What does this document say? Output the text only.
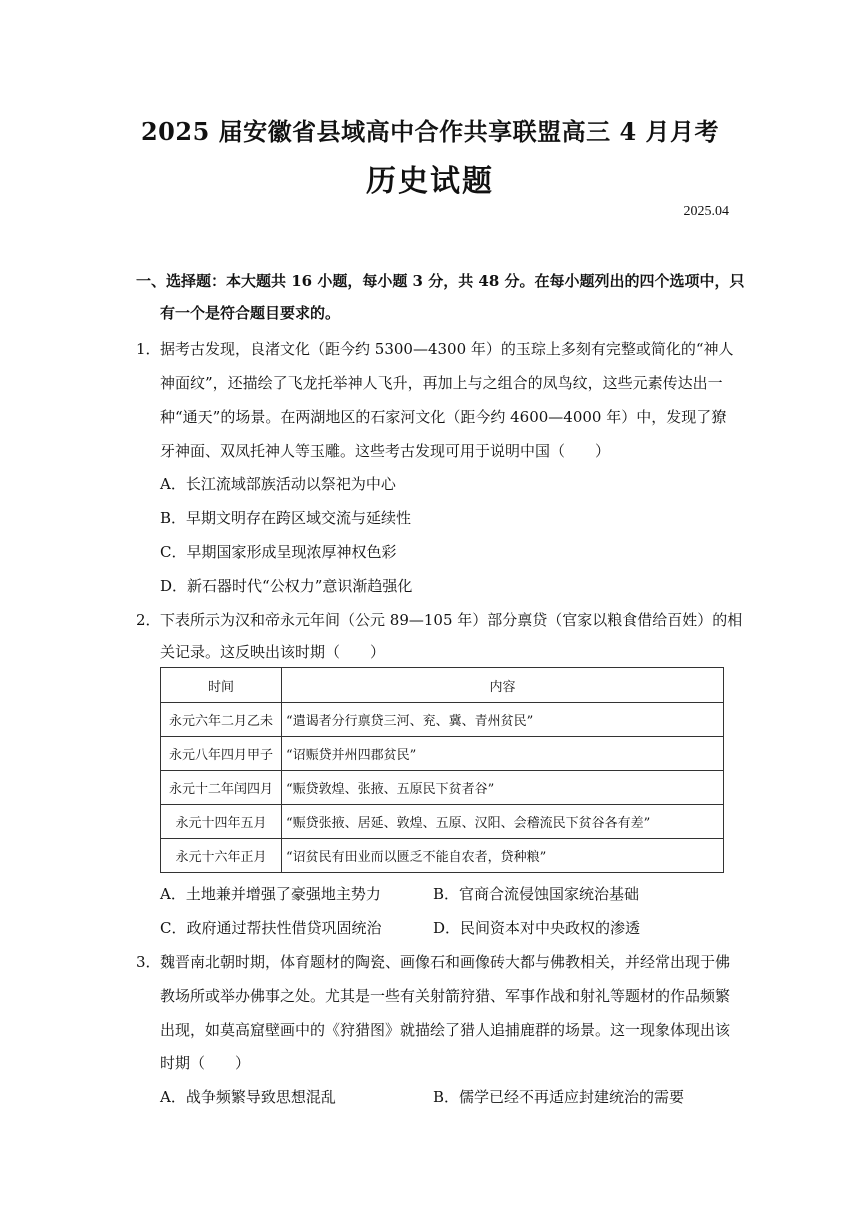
2025 届安徽省县域高中合作共享联盟高三 4 月月考
历史试题
2025.04
一、选择题：本大题共 16 小题，每小题 3 分，共 48 分。在每小题列出的四个选项中，只
有一个是符合题目要求的。
1． 据考古发现，良渚文化（距今约 5300—4300 年）的玉琮上多刻有完整或简化的“神人
神面纹”，还描绘了飞龙托举神人飞升，再加上与之组合的凤鸟纹，这些元素传达出一
种“通天”的场景。在两湖地区的石家河文化（距今约 4600—4000 年）中，发现了獠
牙神面、双凤托神人等玉雕。这些考古发现可用于说明中国（　　）
A．长江流域部族活动以祭祀为中心
B．早期文明存在跨区域交流与延续性
C．早期国家形成呈现浓厚神权色彩
D．新石器时代“公权力”意识渐趋强化
2． 下表所示为汉和帝永元年间（公元 89—105 年）部分禀贷（官家以粮食借给百姓）的相
关记录。这反映出该时期（　　）
时间	内容
永元六年二月乙未	“遣谒者分行禀贷三河、兖、冀、青州贫民”
永元八年四月甲子	“诏赈贷并州四郡贫民”
永元十二年闰四月	“赈贷敦煌、张掖、五原民下贫者谷”
永元十四年五月	“赈贷张掖、居延、敦煌、五原、汉阳、会稽流民下贫谷各有差”
永元十六年正月	“诏贫民有田业而以匮乏不能自农者，贷种粮”
A．土地兼并增强了豪强地主势力	B．官商合流侵蚀国家统治基础
C．政府通过帮扶性借贷巩固统治	D．民间资本对中央政权的渗透
3． 魏晋南北朝时期，体育题材的陶瓷、画像石和画像砖大都与佛教相关，并经常出现于佛
教场所或举办佛事之处。尤其是一些有关射箭狩猎、军事作战和射礼等题材的作品频繁
出现，如莫高窟壁画中的《狩猎图》就描绘了猎人追捕鹿群的场景。这一现象体现出该
时期（　　）
A．战争频繁导致思想混乱	B．儒学已经不再适应封建统治的需要
